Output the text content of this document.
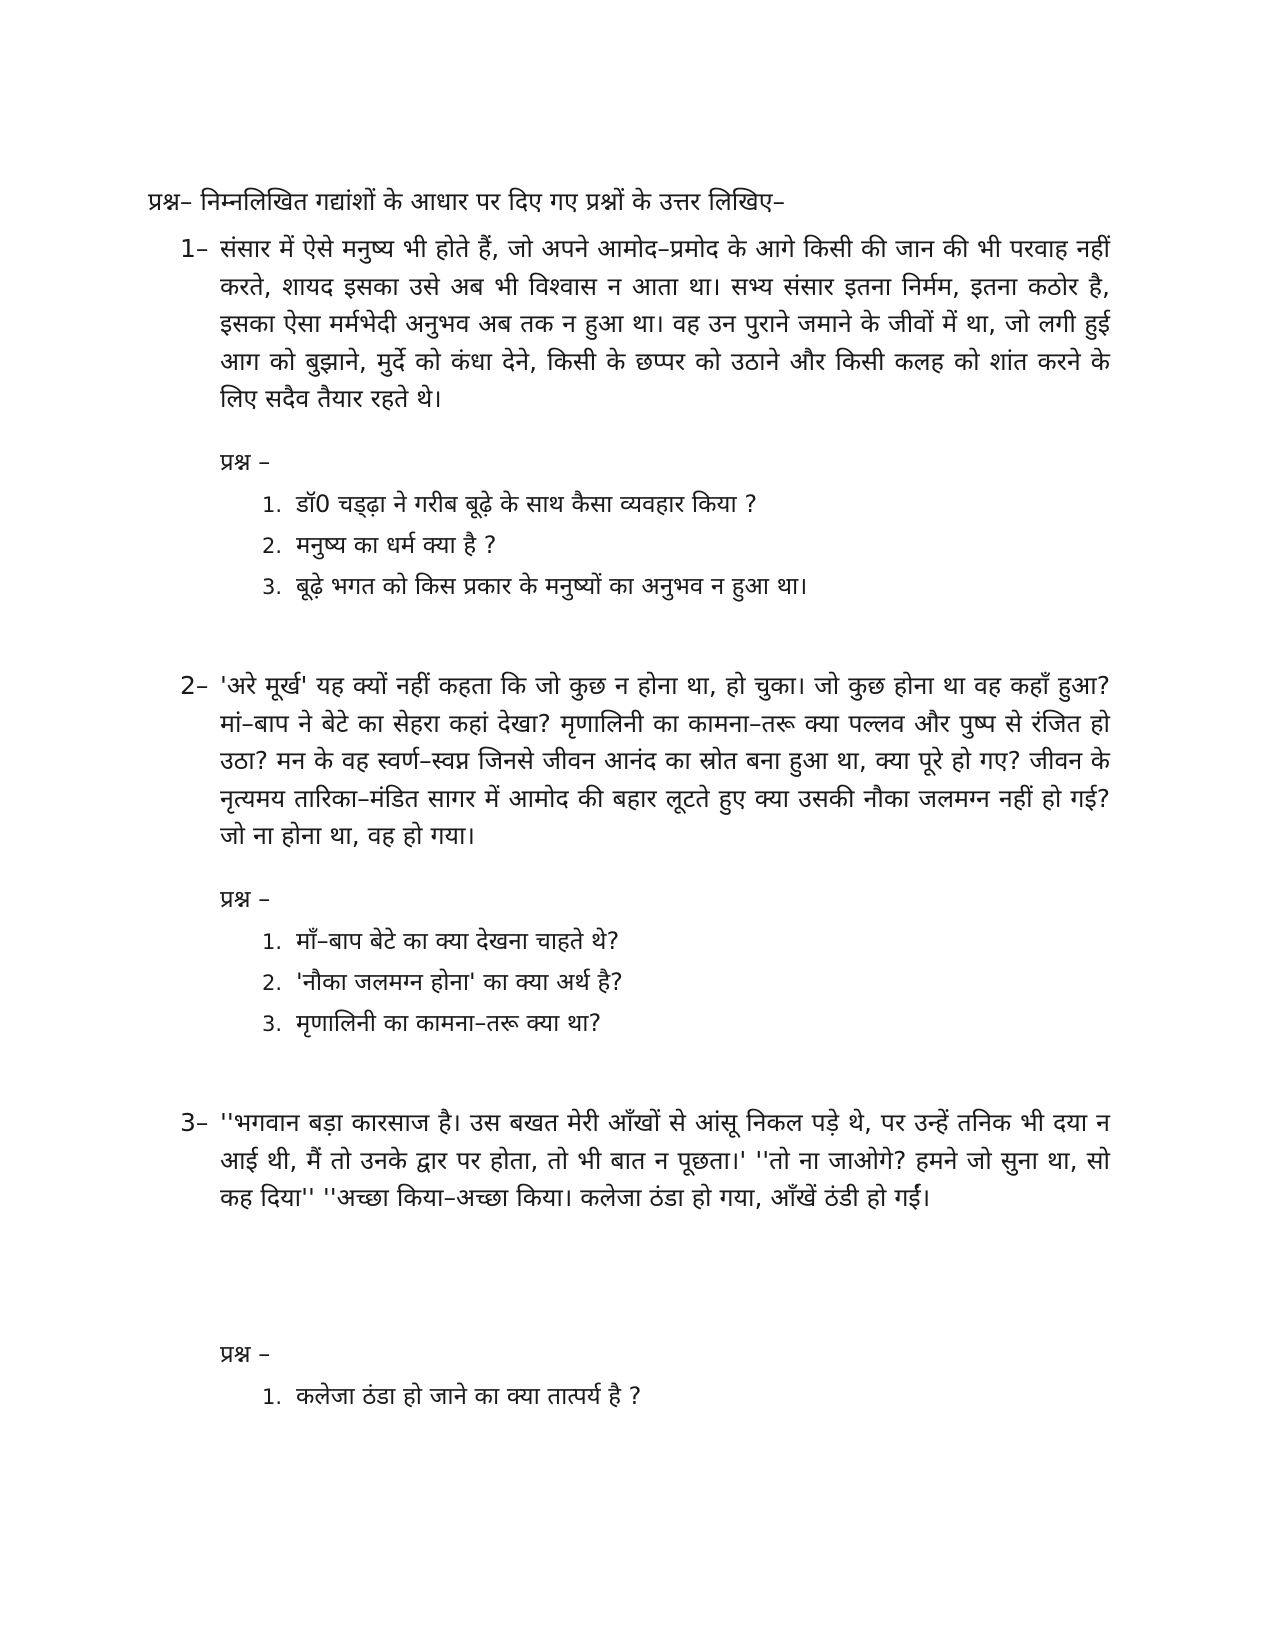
प्रश्न– निम्नलिखित गद्यांशों के आधार पर दिए गए प्रश्नों के उत्तर लिखिए–
1– संसार में ऐसे मनुष्य भी होते हैं, जो अपने आमोद–प्रमोद के आगे किसी की जान की भी परवाह नहीं करते, शायद इसका उसे अब भी विश्वास न आता था। सभ्य संसार इतना निर्मम, इतना कठोर है, इसका ऐसा मर्मभेदी अनुभव अब तक न हुआ था। वह उन पुराने जमाने के जीवों में था, जो लगी हुई आग को बुझाने, मुर्दे को कंधा देने, किसी के छप्पर को उठाने और किसी कलह को शांत करने के लिए सदैव तैयार रहते थे।
प्रश्न –
1. डॉ0 चड्ढ़ा ने गरीब बूढ़े के साथ कैसा व्यवहार किया ?
2. मनुष्य का धर्म क्या है ?
3. बूढ़े भगत को किस प्रकार के मनुष्यों का अनुभव न हुआ था।
2– 'अरे मूर्ख' यह क्यों नहीं कहता कि जो कुछ न होना था, हो चुका। जो कुछ होना था वह कहाँ हुआ? मां–बाप ने बेटे का सेहरा कहां देखा? मृणालिनी का कामना–तरू क्या पल्लव और पुष्प से रंजित हो उठा? मन के वह स्वर्ण–स्वप्न जिनसे जीवन आनंद का स्रोत बना हुआ था, क्या पूरे हो गए? जीवन के नृत्यमय तारिका–मंडित सागर में आमोद की बहार लूटते हुए क्या उसकी नौका जलमग्न नहीं हो गई? जो ना होना था, वह हो गया।
प्रश्न –
1. माँ–बाप बेटे का क्या देखना चाहते थे?
2. 'नौका जलमग्न होना' का क्या अर्थ है?
3. मृणालिनी का कामना–तरू क्या था?
3– ''भगवान बड़ा कारसाज है। उस बखत मेरी आँखों से आंसू निकल पड़े थे, पर उन्हें तनिक भी दया न आई थी, मैं तो उनके द्वार पर होता, तो भी बात न पूछता।' ''तो ना जाओगे? हमने जो सुना था, सो कह दिया'' ''अच्छा किया–अच्छा किया। कलेजा ठंडा हो गया, आँखें ठंडी हो गईं।
प्रश्न –
1. कलेजा ठंडा हो जाने का क्या तात्पर्य है ?
